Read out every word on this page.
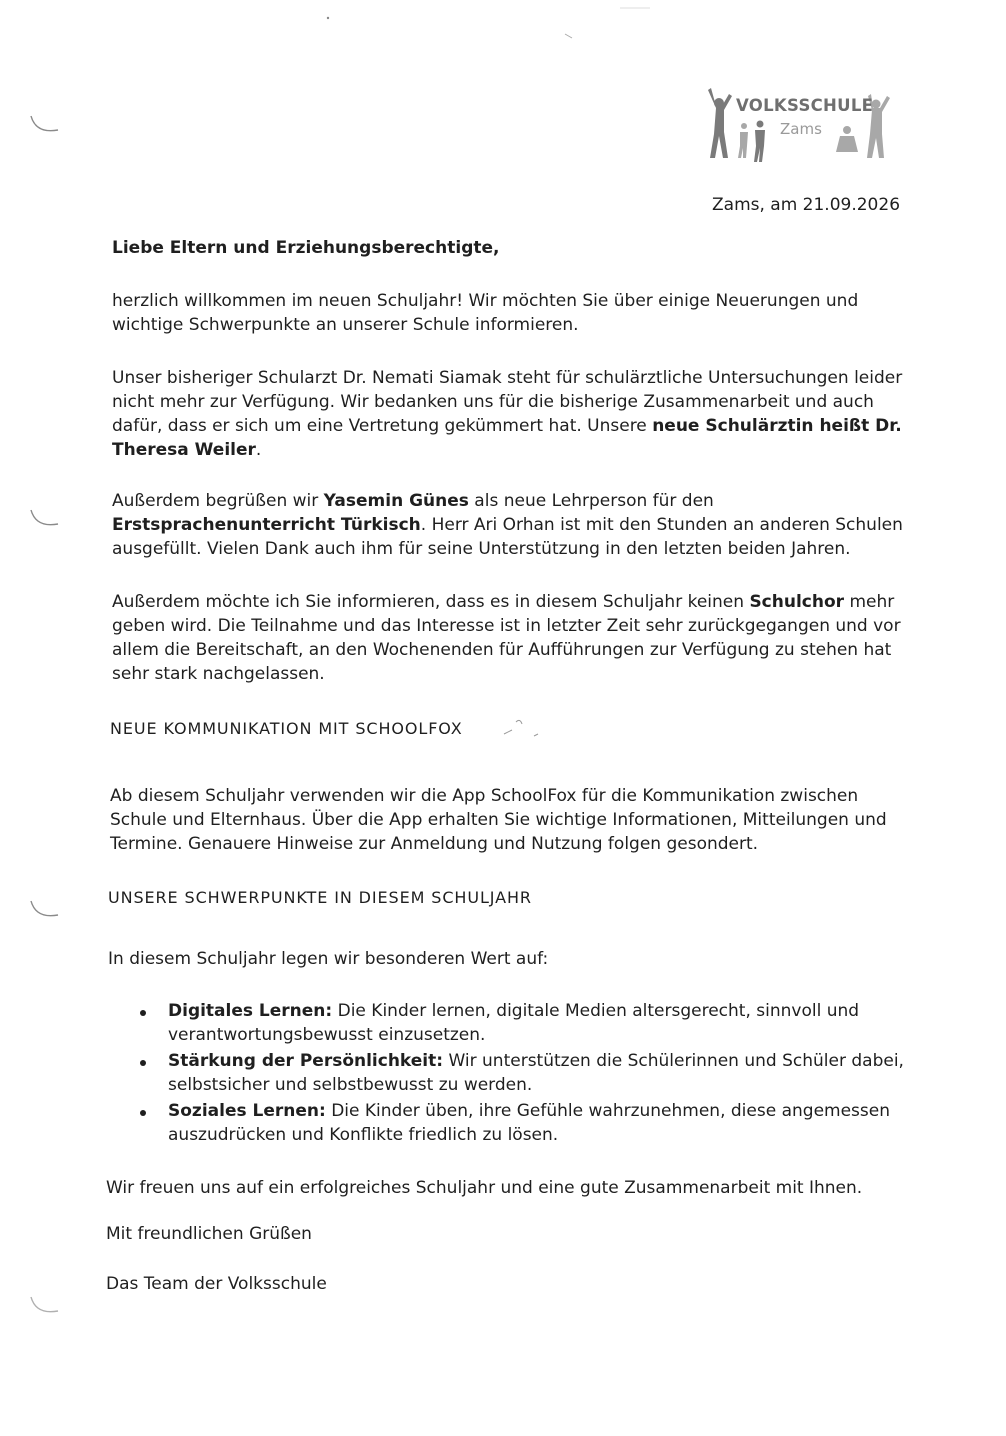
VOLKSSCHULE
Zams
Zams, am 21.09.2026
Liebe Eltern und Erziehungsberechtigte,
herzlich willkommen im neuen Schuljahr! Wir möchten Sie über einige Neuerungen und
wichtige Schwerpunkte an unserer Schule informieren.
Unser bisheriger Schularzt Dr. Nemati Siamak steht für schulärztliche Untersuchungen leider
nicht mehr zur Verfügung. Wir bedanken uns für die bisherige Zusammenarbeit und auch
dafür, dass er sich um eine Vertretung gekümmert hat. Unsere neue Schulärztin heißt Dr.
Theresa Weiler.
Außerdem begrüßen wir Yasemin Günes als neue Lehrperson für den
Erstsprachenunterricht Türkisch. Herr Ari Orhan ist mit den Stunden an anderen Schulen
ausgefüllt. Vielen Dank auch ihm für seine Unterstützung in den letzten beiden Jahren.
Außerdem möchte ich Sie informieren, dass es in diesem Schuljahr keinen Schulchor mehr
geben wird. Die Teilnahme und das Interesse ist in letzter Zeit sehr zurückgegangen und vor
allem die Bereitschaft, an den Wochenenden für Aufführungen zur Verfügung zu stehen hat
sehr stark nachgelassen.
NEUE KOMMUNIKATION MIT SCHOOLFOX
Ab diesem Schuljahr verwenden wir die App SchoolFox für die Kommunikation zwischen
Schule und Elternhaus. Über die App erhalten Sie wichtige Informationen, Mitteilungen und
Termine. Genauere Hinweise zur Anmeldung und Nutzung folgen gesondert.
UNSERE SCHWERPUNKTE IN DIESEM SCHULJAHR
In diesem Schuljahr legen wir besonderen Wert auf:
Digitales Lernen: Die Kinder lernen, digitale Medien altersgerecht, sinnvoll und
verantwortungsbewusst einzusetzen.
Stärkung der Persönlichkeit: Wir unterstützen die Schülerinnen und Schüler dabei,
selbstsicher und selbstbewusst zu werden.
Soziales Lernen: Die Kinder üben, ihre Gefühle wahrzunehmen, diese angemessen
auszudrücken und Konflikte friedlich zu lösen.
Wir freuen uns auf ein erfolgreiches Schuljahr und eine gute Zusammenarbeit mit Ihnen.
Mit freundlichen Grüßen
Das Team der Volksschule
